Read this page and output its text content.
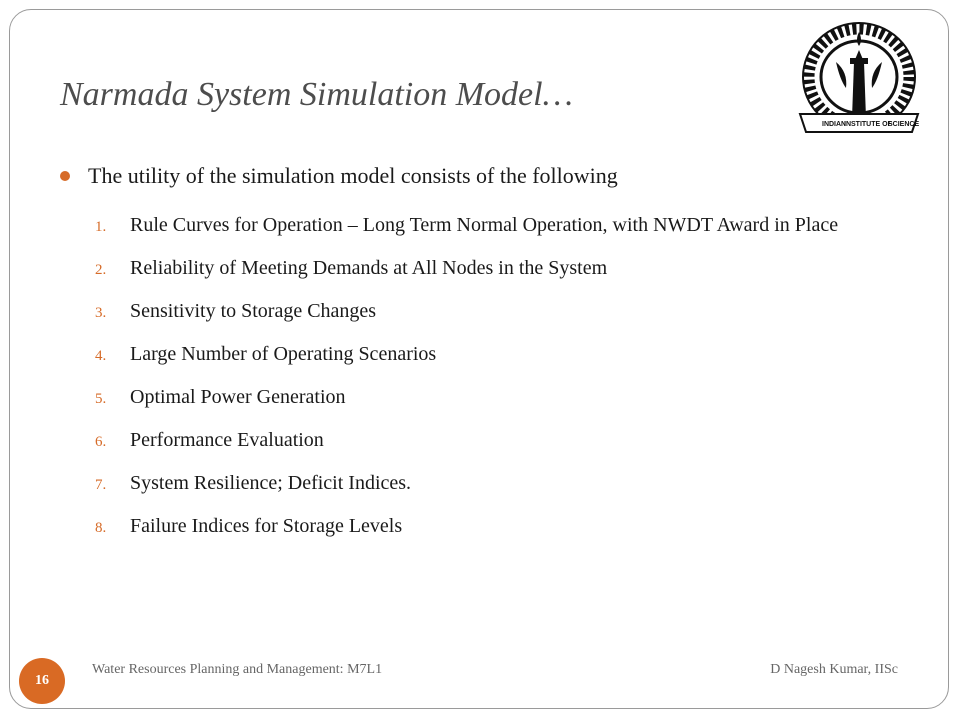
Narmada System Simulation Model…
INDIAN
INSTITUTE OF
SCIENCE
The utility of the simulation model consists of the following
1.	Rule Curves for Operation – Long Term Normal Operation, with NWDT Award in Place
2.	Reliability of Meeting Demands at All Nodes in the System
3.	Sensitivity to Storage Changes
4.	Large Number of Operating Scenarios
5.	Optimal Power Generation
6.	Performance Evaluation
7.	System Resilience; Deficit Indices.
8.	Failure Indices for Storage Levels
16
Water Resources Planning and Management: M7L1	D Nagesh Kumar, IISc
